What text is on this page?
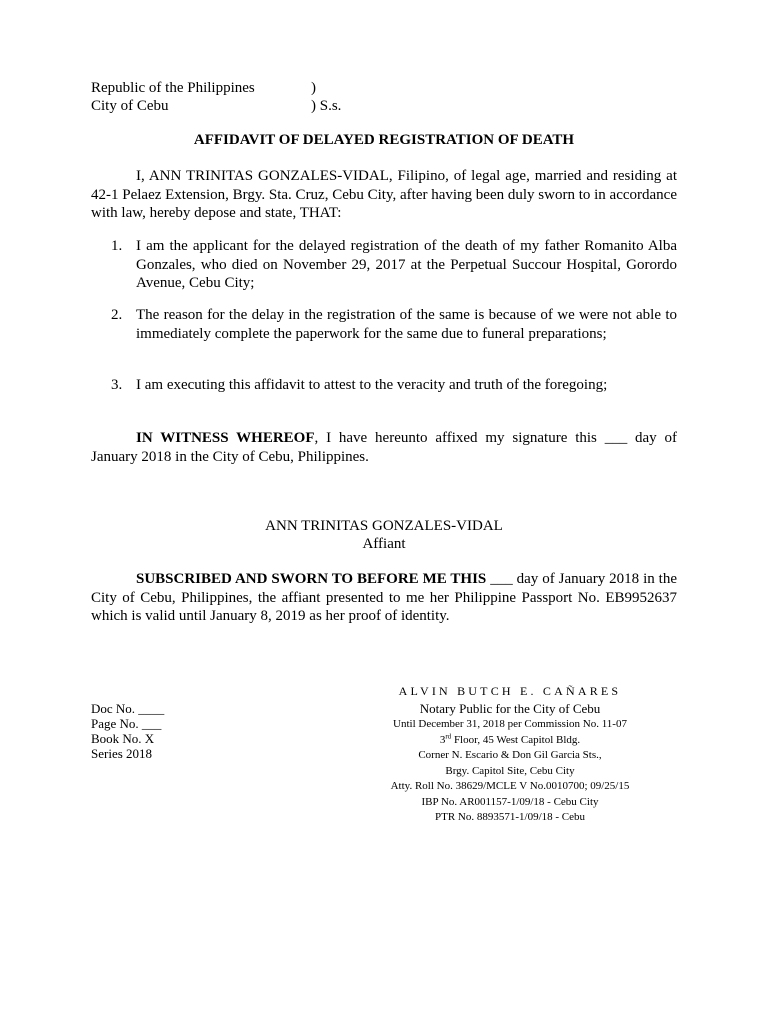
Republic of the Philippines	)
City of Cebu	) S.s.
AFFIDAVIT OF DELAYED REGISTRATION OF DEATH

I, ANN TRINITAS GONZALES-VIDAL, Filipino, of legal age, married and residing at 42-1 Pelaez Extension, Brgy. Sta. Cruz, Cebu City, after having been duly sworn to in accordance with law, hereby depose and state, THAT:

1. I am the applicant for the delayed registration of the death of my father Romanito Alba Gonzales, who died on November 29, 2017 at the Perpetual Succour Hospital, Gorordo Avenue, Cebu City;
2. The reason for the delay in the registration of the same is because of we were not able to immediately complete the paperwork for the same due to funeral preparations;
3. I am executing this affidavit to attest to the veracity and truth of the foregoing;

IN WITNESS WHEREOF, I have hereunto affixed my signature this ___ day of January 2018 in the City of Cebu, Philippines.

ANN TRINITAS GONZALES-VIDAL
Affiant

SUBSCRIBED AND SWORN TO BEFORE ME THIS ___ day of January 2018 in the City of Cebu, Philippines, the affiant presented to me her Philippine Passport No. EB9952637 which is valid until January 8, 2019 as her proof of identity.

ALVIN BUTCH E. CAÑARES
Doc No. ____
Page No. ___
Book No. X
Series 2018
Notary Public for the City of Cebu
Until December 31, 2018 per Commission No. 11-07
3rd Floor, 45 West Capitol Bldg.
Corner N. Escario & Don Gil Garcia Sts.,
Brgy. Capitol Site, Cebu City
Atty. Roll No. 38629/MCLE V No.0010700; 09/25/15
IBP No. AR001157-1/09/18 - Cebu City
PTR No. 8893571-1/09/18 - Cebu
